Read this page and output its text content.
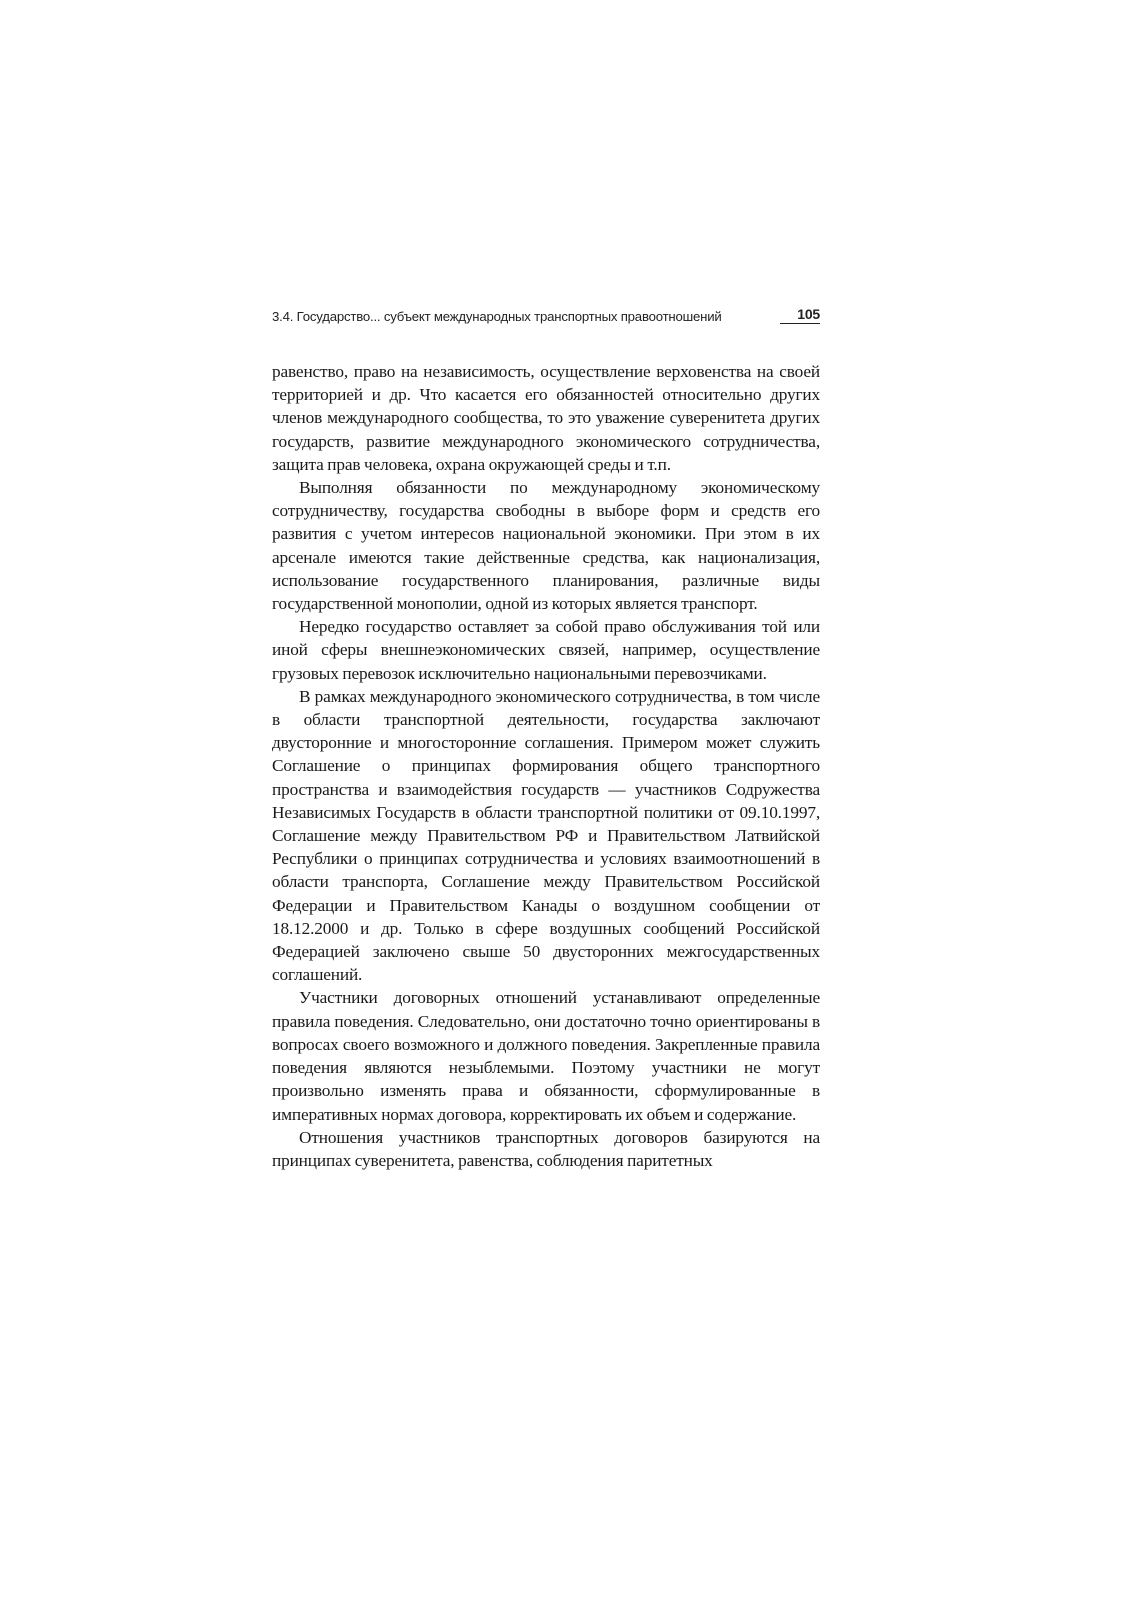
3.4. Государство... субъект международных транспортных правоотношений	105

равенство, право на независимость, осуществление верховенства на своей территорией и др. Что касается его обязанностей относительно других членов международного сообщества, то это уважение суверенитета других государств, развитие международного экономического сотрудничества, защита прав человека, охрана окружающей среды и т.п.

Выполняя обязанности по международному экономическому сотрудничеству, государства свободны в выборе форм и средств его развития с учетом интересов национальной экономики. При этом в их арсенале имеются такие действенные средства, как национализация, использование государственного планирования, различные виды государственной монополии, одной из которых является транспорт.

Нередко государство оставляет за собой право обслуживания той или иной сферы внешнеэкономических связей, например, осуществление грузовых перевозок исключительно национальными перевозчиками.

В рамках международного экономического сотрудничества, в том числе в области транспортной деятельности, государства заключают двусторонние и многосторонние соглашения. Примером может служить Соглашение о принципах формирования общего транспортного пространства и взаимодействия государств — участников Содружества Независимых Государств в области транспортной политики от 09.10.1997, Соглашение между Правительством РФ и Правительством Латвийской Республики о принципах сотрудничества и условиях взаимоотношений в области транспорта, Соглашение между Правительством Российской Федерации и Правительством Канады о воздушном сообщении от 18.12.2000 и др. Только в сфере воздушных сообщений Российской Федерацией заключено свыше 50 двусторонних межгосударственных соглашений.

Участники договорных отношений устанавливают определенные правила поведения. Следовательно, они достаточно точно ориентированы в вопросах своего возможного и должного поведения. Закрепленные правила поведения являются незыблемыми. Поэтому участники не могут произвольно изменять права и обязанности, сформулированные в императивных нормах договора, корректировать их объем и содержание.

Отношения участников транспортных договоров базируются на принципах суверенитета, равенства, соблюдения паритетных
